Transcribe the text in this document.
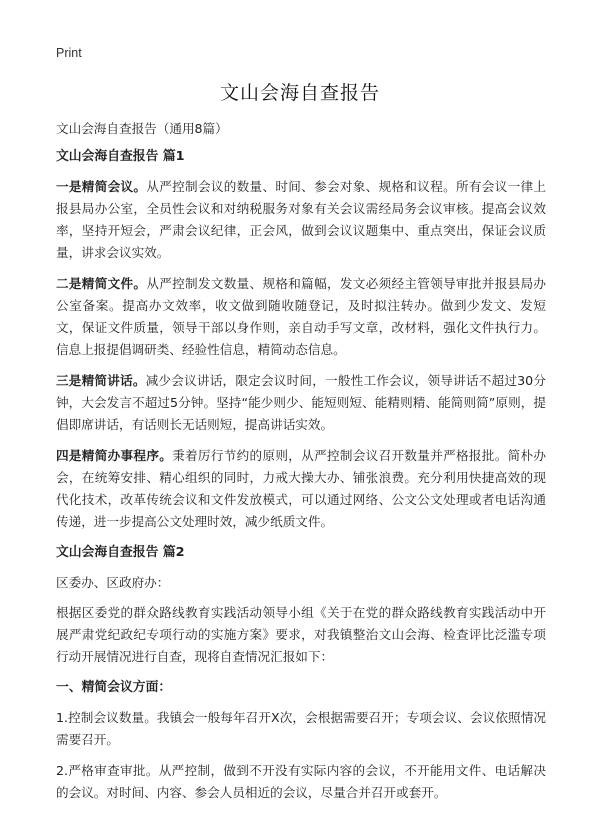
Print
文山会海自查报告

文山会海自查报告（通用8篇）

文山会海自查报告 篇1

一是精简会议。从严控制会议的数量、时间、参会对象、规格和议程。所有会议一律上报县局办公室，全员性会议和对纳税服务对象有关会议需经局务会议审核。提高会议效率，坚持开短会，严肃会议纪律，正会风，做到会议议题集中、重点突出，保证会议质量，讲求会议实效。

二是精简文件。从严控制发文数量、规格和篇幅，发文必须经主管领导审批并报县局办公室备案。提高办文效率，收文做到随收随登记，及时拟注转办。做到少发文、发短文，保证文件质量，领导干部以身作则，亲自动手写文章，改材料，强化文件执行力。信息上报提倡调研类、经验性信息，精简动态信息。

三是精简讲话。减少会议讲话，限定会议时间，一般性工作会议，领导讲话不超过30分钟，大会发言不超过5分钟。坚持“能少则少、能短则短、能精则精、能简则简”原则，提倡即席讲话，有话则长无话则短，提高讲话实效。

四是精简办事程序。秉着厉行节约的原则，从严控制会议召开数量并严格报批。简朴办会，在统筹安排、精心组织的同时，力戒大操大办、铺张浪费。充分利用快捷高效的现代化技术，改革传统会议和文件发放模式，可以通过网络、公文公文处理或者电话沟通传递，进一步提高公文处理时效，减少纸质文件。

文山会海自查报告 篇2

区委办、区政府办：

根据区委党的群众路线教育实践活动领导小组《关于在党的群众路线教育实践活动中开展严肃党纪政纪专项行动的实施方案》要求，对我镇整治文山会海、检查评比泛滥专项行动开展情况进行自查，现将自查情况汇报如下：

一、精简会议方面：

1.控制会议数量。我镇会一般每年召开X次，会根据需要召开；专项会议、会议依照情况需要召开。

2.严格审查审批。从严控制，做到不开没有实际内容的会议，不开能用文件、电话解决的会议。对时间、内容、参会人员相近的会议，尽量合并召开或套开。
